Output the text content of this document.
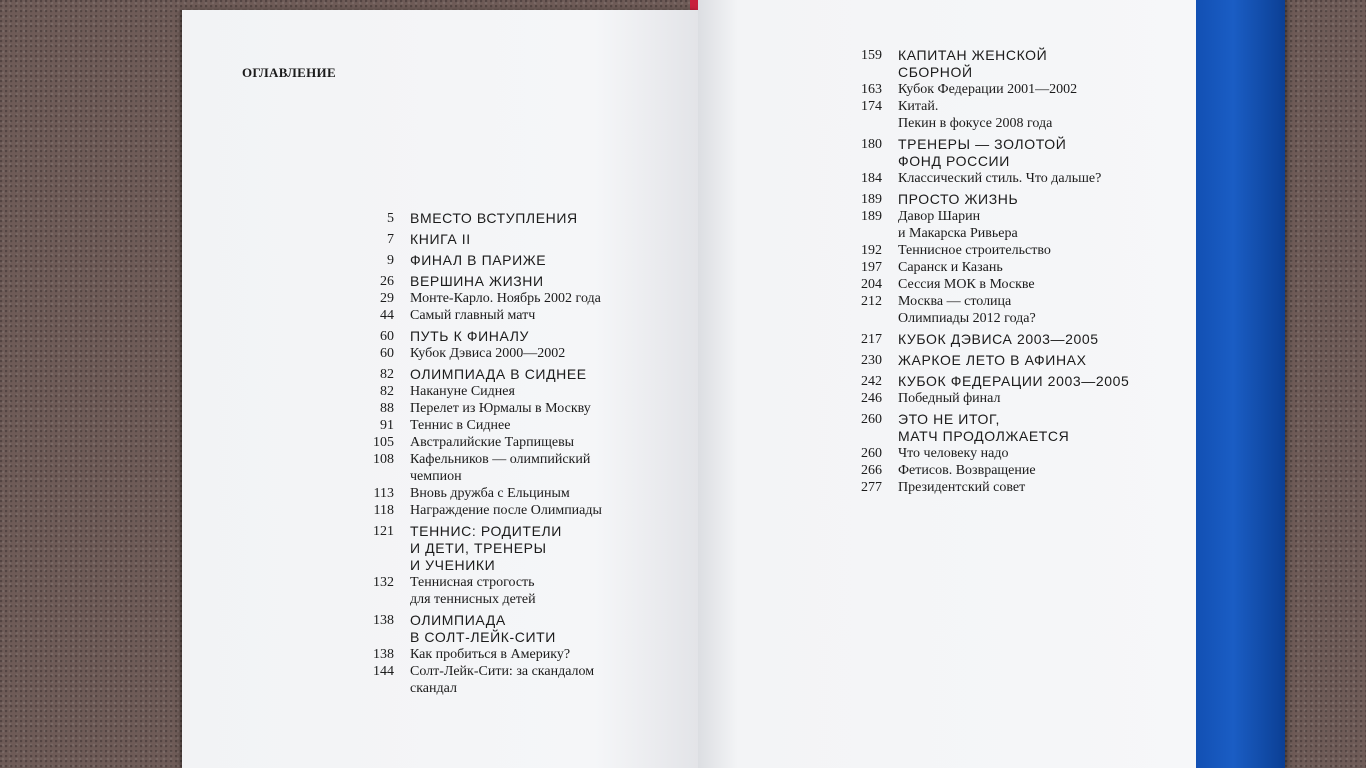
ОГЛАВЛЕНИЕ
5 ВМЕСТО ВСТУПЛЕНИЯ
7 КНИГА II
9 ФИНАЛ В ПАРИЖЕ
26 ВЕРШИНА ЖИЗНИ
29 Монте-Карло. Ноябрь 2002 года
44 Самый главный матч
60 ПУТЬ К ФИНАЛУ
60 Кубок Дэвиса 2000—2002
82 ОЛИМПИАДА В СИДНЕЕ
82 Накануне Сиднея
88 Перелет из Юрмалы в Москву
91 Теннис в Сиднее
105 Австралийские Тарпищевы
108 Кафельников — олимпийский
чемпион
113 Вновь дружба с Ельциным
118 Награждение после Олимпиады
121 ТЕННИС: РОДИТЕЛИ
И ДЕТИ, ТРЕНЕРЫ
И УЧЕНИКИ
132 Теннисная строгость
для теннисных детей
138 ОЛИМПИАДА
В СОЛТ-ЛЕЙК-СИТИ
138 Как пробиться в Америку?
144 Солт-Лейк-Сити: за скандалом
скандал
159 КАПИТАН ЖЕНСКОЙ
СБОРНОЙ
163 Кубок Федерации 2001—2002
174 Китай.
Пекин в фокусе 2008 года
180 ТРЕНЕРЫ — ЗОЛОТОЙ
ФОНД РОССИИ
184 Классический стиль. Что дальше?
189 ПРОСТО ЖИЗНЬ
189 Давор Шарин
и Макарска Ривьера
192 Теннисное строительство
197 Саранск и Казань
204 Сессия МОК в Москве
212 Москва — столица
Олимпиады 2012 года?
217 КУБОК ДЭВИСА 2003—2005
230 ЖАРКОЕ ЛЕТО В АФИНАХ
242 КУБОК ФЕДЕРАЦИИ 2003—2005
246 Победный финал
260 ЭТО НЕ ИТОГ,
МАТЧ ПРОДОЛЖАЕТСЯ
260 Что человеку надо
266 Фетисов. Возвращение
277 Президентский совет
